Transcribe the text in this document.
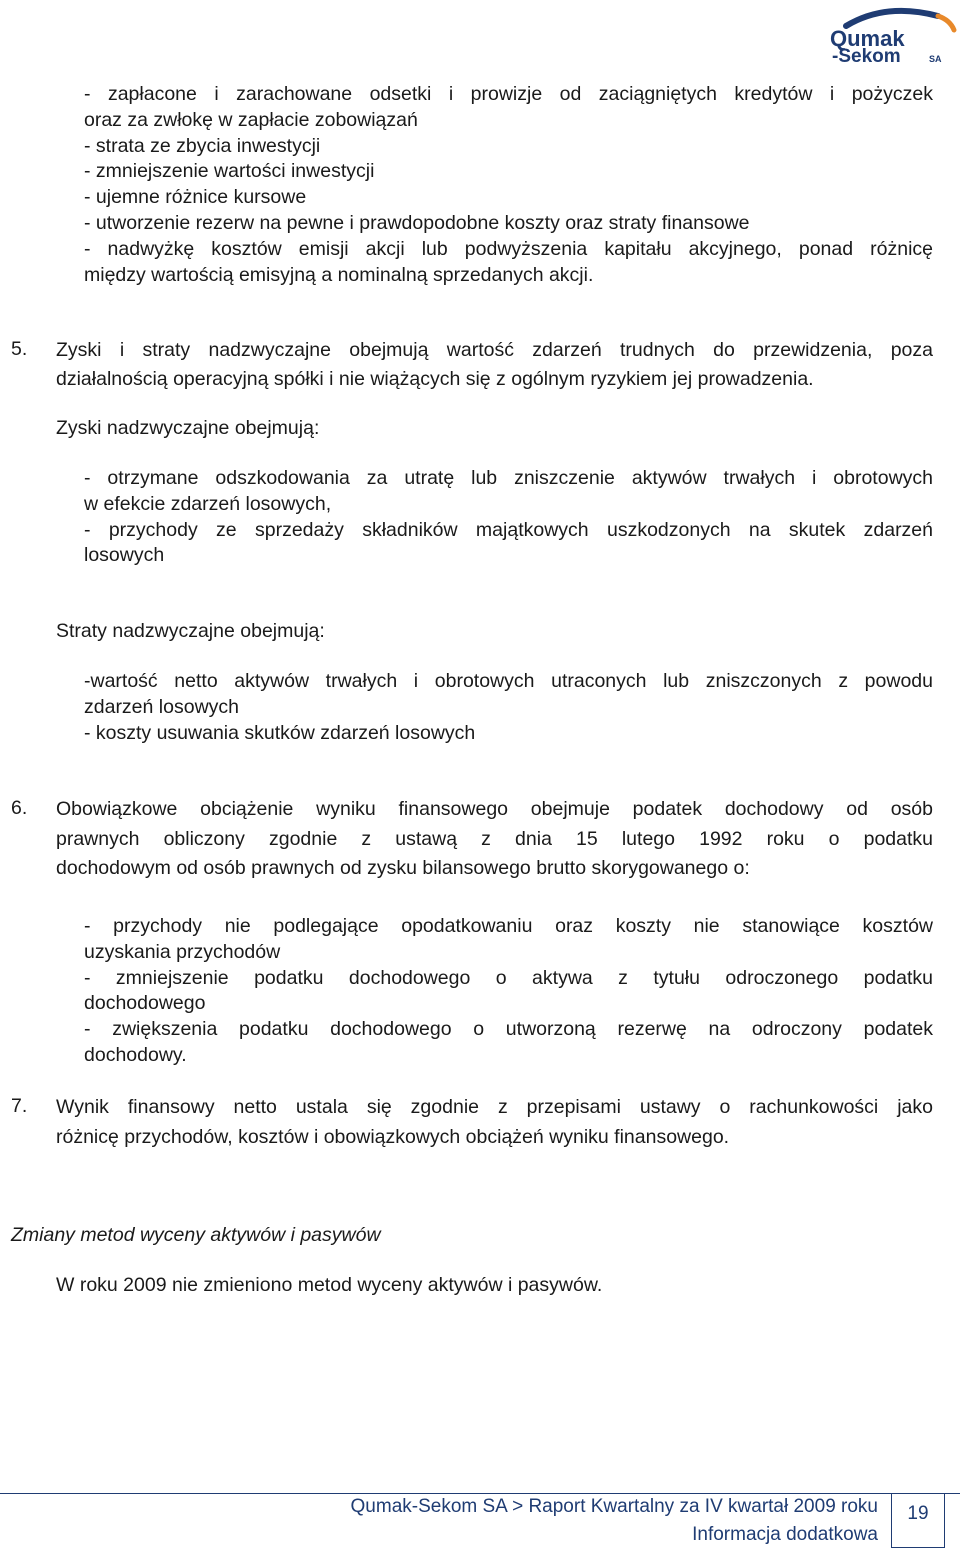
Qumak
-Sekom	SA
- zapłacone i zarachowane odsetki i prowizje od zaciągniętych kredytów i pożyczek
oraz za zwłokę w zapłacie zobowiązań
- strata ze zbycia inwestycji
- zmniejszenie wartości inwestycji
- ujemne różnice kursowe
- utworzenie rezerw na pewne i prawdopodobne koszty oraz straty finansowe
- nadwyżkę kosztów emisji akcji lub podwyższenia kapitału akcyjnego, ponad różnicę
między wartością emisyjną a nominalną sprzedanych akcji.
5. Zyski i straty nadzwyczajne obejmują wartość zdarzeń trudnych do przewidzenia, poza
działalnością operacyjną spółki i nie wiążących się z ogólnym ryzykiem jej prowadzenia.
Zyski nadzwyczajne obejmują:
- otrzymane odszkodowania za utratę lub zniszczenie aktywów trwałych i obrotowych
w efekcie zdarzeń losowych,
- przychody ze sprzedaży składników majątkowych uszkodzonych na skutek zdarzeń
losowych
Straty nadzwyczajne obejmują:
-wartość netto aktywów trwałych i obrotowych utraconych lub zniszczonych z powodu
zdarzeń losowych
- koszty usuwania skutków zdarzeń losowych
6. Obowiązkowe obciążenie wyniku finansowego obejmuje podatek dochodowy od osób
prawnych obliczony zgodnie z ustawą z dnia 15 lutego 1992 roku o podatku
dochodowym od osób prawnych od zysku bilansowego brutto skorygowanego o:
- przychody nie podlegające opodatkowaniu oraz koszty nie stanowiące kosztów
uzyskania przychodów
- zmniejszenie podatku dochodowego o aktywa z tytułu odroczonego podatku
dochodowego
- zwiększenia podatku dochodowego o utworzoną rezerwę na odroczony podatek
dochodowy.
7. Wynik finansowy netto ustala się zgodnie z przepisami ustawy o rachunkowości jako
różnicę przychodów, kosztów i obowiązkowych obciążeń wyniku finansowego.
Zmiany metod wyceny aktywów i pasywów
W roku 2009 nie zmieniono metod wyceny aktywów i pasywów.
Qumak-Sekom SA > Raport Kwartalny za IV kwartał 2009 roku
Informacja dodatkowa
19
